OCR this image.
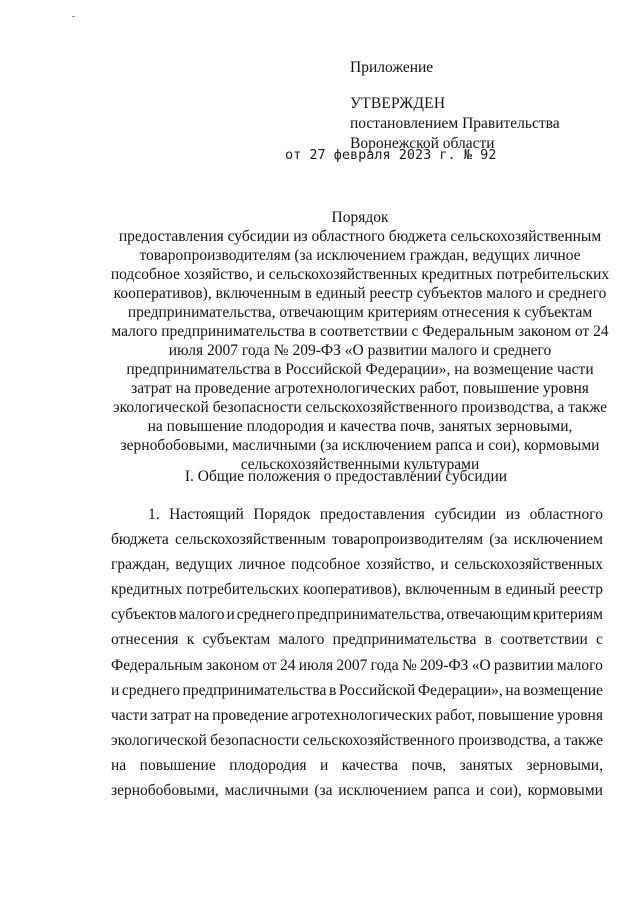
Приложение
УТВЕРЖДЕН
постановлением Правительства
Воронежской области
от 27 февраля 2023 г. № 92
Порядок
предоставления субсидии из областного бюджета сельскохозяйственным
товаропроизводителям (за исключением граждан, ведущих личное
подсобное хозяйство, и сельскохозяйственных кредитных потребительских
кооперативов), включенным в единый реестр субъектов малого и среднего
предпринимательства, отвечающим критериям отнесения к субъектам
малого предпринимательства в соответствии с Федеральным законом от 24
июля 2007 года № 209-ФЗ «О развитии малого и среднего
предпринимательства в Российской Федерации», на возмещение части
затрат на проведение агротехнологических работ, повышение уровня
экологической безопасности сельскохозяйственного производства, а также
на повышение плодородия и качества почв, занятых зерновыми,
зернобобовыми, масличными (за исключением рапса и сои), кормовыми
сельскохозяйственными культурами
I. Общие положения о предоставлении субсидии
1. Настоящий Порядок предоставления субсидии из областного
бюджета сельскохозяйственным товаропроизводителям (за исключением
граждан, ведущих личное подсобное хозяйство, и сельскохозяйственных
кредитных потребительских кооперативов), включенным в единый реестр
субъектов малого и среднего предпринимательства, отвечающим критериям
отнесения к субъектам малого предпринимательства в соответствии с
Федеральным законом от 24 июля 2007 года № 209-ФЗ «О развитии малого
и среднего предпринимательства в Российской Федерации», на возмещение
части затрат на проведение агротехнологических работ, повышение уровня
экологической безопасности сельскохозяйственного производства, а также
на повышение плодородия и качества почв, занятых зерновыми,
зернобобовыми, масличными (за исключением рапса и сои), кормовыми
